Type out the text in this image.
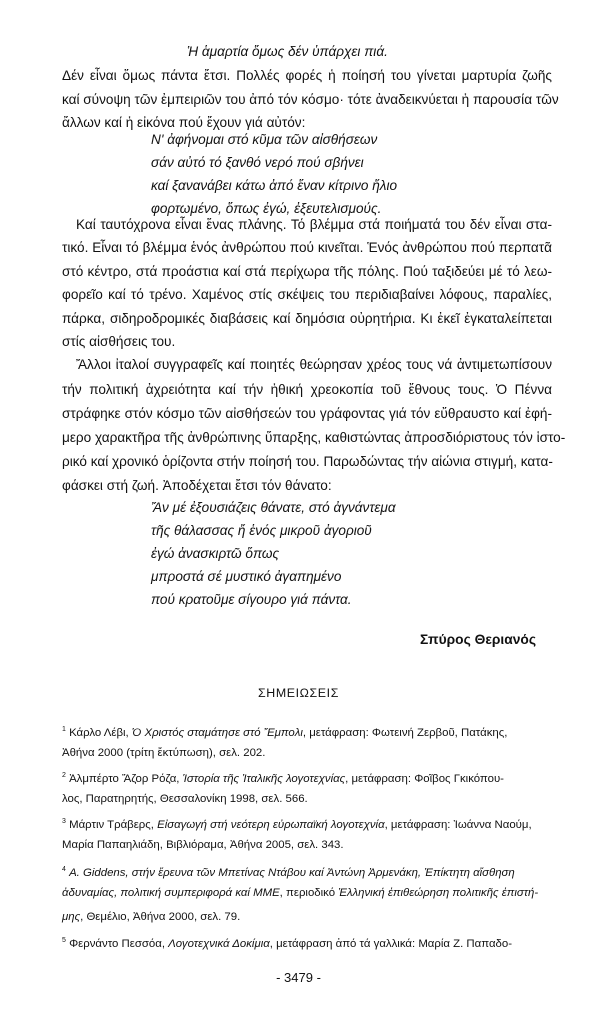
Ἡ ἁμαρτία ὅμως δέν ὑπάρχει πιά.

Δέν εἶναι ὅμως πάντα ἔτσι. Πολλές φορές ἡ ποίησή του γίνεται μαρτυρία ζωῆς

καί σύνοψη τῶν ἐμπειριῶν του ἀπό τόν κόσμο· τότε ἀναδεικνύεται ἡ παρουσία τῶν

ἄλλων καί ἡ εἰκόνα πού ἔχουν γιά αὐτόν:

Ν' ἀφήνομαι στό κῦμα τῶν αἰσθήσεων

σάν αὐτό τό ξανθό νερό πού σβήνει

καί ξανανάβει κάτω ἀπό ἕναν κίτρινο ἥλιο

φορτωμένο, ὅπως ἐγώ, ἐξευτελισμούς.

Καί ταυτόχρονα εἶναι ἕνας πλάνης. Τό βλέμμα στά ποιήματά του δέν εἶναι στα-

τικό. Εἶναι τό βλέμμα ἑνός ἀνθρώπου πού κινεῖται. Ἑνός ἀνθρώπου πού περπατᾶ

στό κέντρο, στά προάστια καί στά περίχωρα τῆς πόλης. Πού ταξιδεύει μέ τό λεω-

φορεῖο καί τό τρένο. Χαμένος στίς σκέψεις του περιδιαβαίνει λόφους, παραλίες,

πάρκα, σιδηροδρομικές διαβάσεις καί δημόσια οὐρητήρια. Κι ἐκεῖ ἐγκαταλείπεται

στίς αἰσθήσεις του.

Ἄλλοι ἰταλοί συγγραφεῖς καί ποιητές θεώρησαν χρέος τους νά ἀντιμετωπίσουν

τήν πολιτική ἀχρειότητα καί τήν ἠθική χρεοκοπία τοῦ ἔθνους τους. Ὁ Πέννα

στράφηκε στόν κόσμο τῶν αἰσθήσεών του γράφοντας γιά τόν εὔθραυστο καί ἐφή-

μερο χαρακτῆρα τῆς ἀνθρώπινης ὕπαρξης, καθιστώντας ἀπροσδιόριστους τόν ἱστο-

ρικό καί χρονικό ὁρίζοντα στήν ποίησή του. Παρωδώντας τήν αἰώνια στιγμή, κατα-

φάσκει στή ζωή. Ἀποδέχεται ἔτσι τόν θάνατο:

Ἄν μέ ἐξουσιάζεις θάνατε, στό ἀγνάντεμα

τῆς θάλασσας ἤ ἑνός μικροῦ ἀγοριοῦ

ἐγώ ἀνασκιρτῶ ὅπως

μπροστά σέ μυστικό ἀγαπημένο

πού κρατοῦμε σίγουρο γιά πάντα.

Σπύρος Θεριανός

ΣΗΜΕΙΩΣΕΙΣ

$^1$ Κάρλο Λέβι, Ὁ Χριστός σταμάτησε στό Ἔμπολι, μετάφραση: Φωτεινή Ζερβοῦ, Πατάκης,

Ἀθήνα 2000 (τρίτη ἔκτύπωση), σελ. 202.

$^2$ Ἀλμπέρτο Ἄζορ Ρόζα, Ἱστορία τῆς Ἰταλικῆς λογοτεχνίας, μετάφραση: Φοῖβος Γκικόπου-

λος, Παρατηρητής, Θεσσαλονίκη 1998, σελ. 566.

$^3$ Μάρτιν Τράβερς, Εἰσαγωγή στή νεότερη εὐρωπαϊκή λογοτεχνία, μετάφραση: Ἰωάννα Ναούμ,

Μαρία Παπαηλιάδη, Βιβλιόραμα, Ἀθήνα 2005, σελ. 343.

$^4$ A. Giddens, στήν ἔρευνα τῶν Μπετίνας Ντάβου καί Ἀντώνη Ἀρμενάκη, Ἐπίκτητη αἴσθηση

ἀδυναμίας, πολιτική συμπεριφορά καί ΜΜΕ, περιοδικό Ἑλληνική ἐπιθεώρηση πολιτικῆς ἐπιστή-

μης, Θεμέλιο, Ἀθήνα 2000, σελ. 79.

$^5$ Φερνάντο Πεσσόα, Λογοτεχνικά Δοκίμια, μετάφραση ἀπό τά γαλλικά: Μαρία Ζ. Παπαδο-

- 3479 -
